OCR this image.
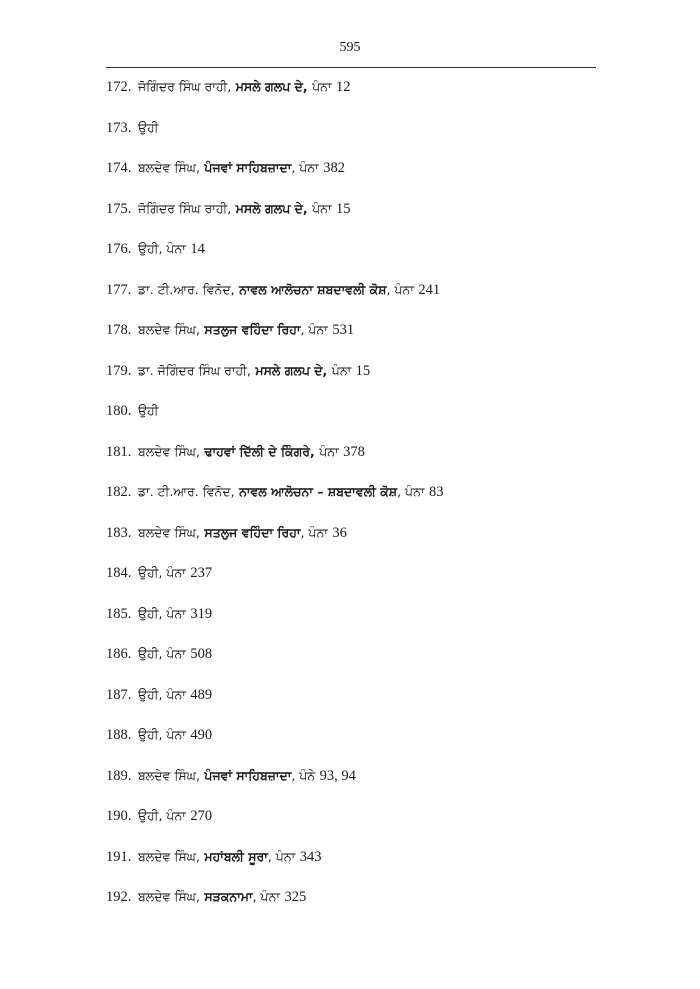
595
172. ਜੋਗਿੰਦਰ ਸਿੰਘ ਰਾਹੀ, ਮਸਲੇ ਗਲਪ ਦੇ, ਪੰਨਾ 12
173. ਉਹੀ
174. ਬਲਦੇਵ ਸਿੰਘ, ਪੰਜਵਾਂ ਸਾਹਿਬਜ਼ਾਦਾ, ਪੰਨਾ 382
175. ਜੋਗਿੰਦਰ ਸਿੰਘ ਰਾਹੀ, ਮਸਲੇ ਗਲਪ ਦੇ, ਪੰਨਾ 15
176. ਉਹੀ, ਪੰਨਾ 14
177. ਡਾ. ਟੀ.ਆਰ. ਵਿਨੋਦ, ਨਾਵਲ ਆਲੋਚਨਾ ਸ਼ਬਦਾਵਲੀ ਕੋਸ਼, ਪੰਨਾ 241
178. ਬਲਦੇਵ ਸਿੰਘ, ਸਤਲੁਜ ਵਹਿੰਦਾ ਰਿਹਾ, ਪੰਨਾ 531
179. ਡਾ. ਜੋਗਿੰਦਰ ਸਿੰਘ ਰਾਹੀ, ਮਸਲੇ ਗਲਪ ਦੇ, ਪੰਨਾ 15
180. ਉਹੀ
181. ਬਲਦੇਵ ਸਿੰਘ, ਢਾਹਵਾਂ ਦਿੱਲੀ ਦੇ ਕਿੰਗਰੇ, ਪੰਨਾ 378
182. ਡਾ. ਟੀ.ਆਰ. ਵਿਨੋਦ, ਨਾਵਲ ਆਲੋਚਨਾ – ਸ਼ਬਦਾਵਲੀ ਕੋਸ਼, ਪੰਨਾ 83
183. ਬਲਦੇਵ ਸਿੰਘ, ਸਤਲੁਜ ਵਹਿੰਦਾ ਰਿਹਾ, ਪੰਨਾ 36
184. ਉਹੀ, ਪੰਨਾ 237
185. ਉਹੀ, ਪੰਨਾ 319
186. ਉਹੀ, ਪੰਨਾ 508
187. ਉਹੀ, ਪੰਨਾ 489
188. ਉਹੀ, ਪੰਨਾ 490
189. ਬਲਦੇਵ ਸਿੰਘ, ਪੰਜਵਾਂ ਸਾਹਿਬਜ਼ਾਦਾ, ਪੰਨੇ 93, 94
190. ਉਹੀ, ਪੰਨਾ 270
191. ਬਲਦੇਵ ਸਿੰਘ, ਮਹਾਂਬਲੀ ਸੂਰਾ, ਪੰਨਾ 343
192. ਬਲਦੇਵ ਸਿੰਘ, ਸੜਕਨਾਮਾ, ਪੰਨਾ 325
